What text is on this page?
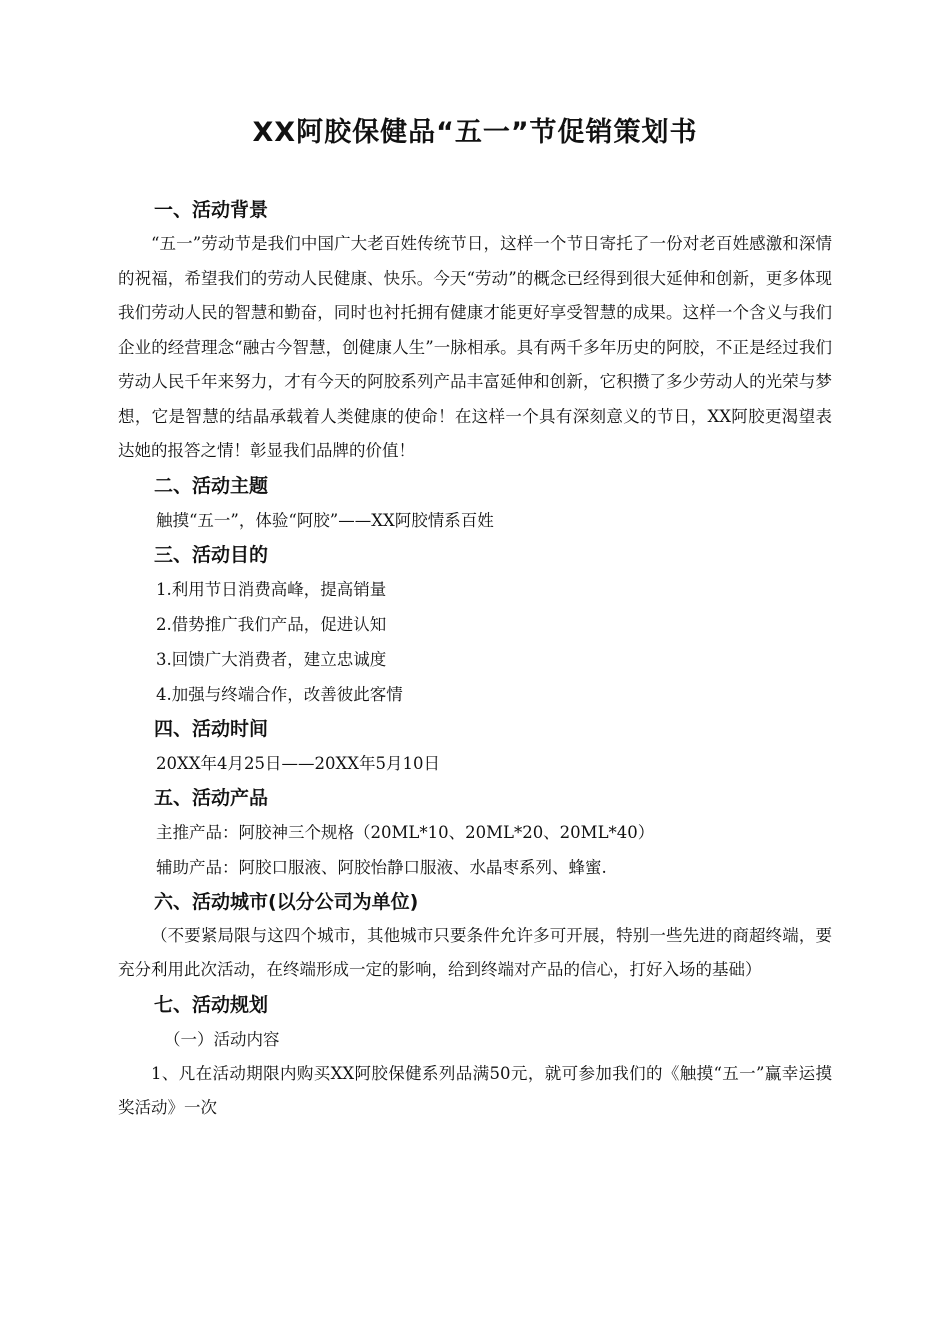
XX阿胶保健品“五一”节促销策划书
一、活动背景

“五一”劳动节是我们中国广大老百姓传统节日，这样一个节日寄托了一份对老百姓感激和深情的祝福，希望我们的劳动人民健康、快乐。今天“劳动”的概念已经得到很大延伸和创新，更多体现我们劳动人民的智慧和勤奋，同时也衬托拥有健康才能更好享受智慧的成果。这样一个含义与我们企业的经营理念“融古今智慧，创健康人生”一脉相承。具有两千多年历史的阿胶，不正是经过我们劳动人民千年来努力，才有今天的阿胶系列产品丰富延伸和创新，它积攒了多少劳动人的光荣与梦想，它是智慧的结晶承载着人类健康的使命！在这样一个具有深刻意义的节日，XX阿胶更渴望表达她的报答之情！彰显我们品牌的价值！

二、活动主题

触摸“五一”，体验“阿胶”——XX阿胶情系百姓

三、活动目的

1.利用节日消费高峰，提高销量

2.借势推广我们产品，促进认知

3.回馈广大消费者，建立忠诚度

4.加强与终端合作，改善彼此客情

四、活动时间

20XX年4月25日——20XX年5月10日

五、活动产品

主推产品：阿胶神三个规格（20ML*10、20ML*20、20ML*40）

辅助产品：阿胶口服液、阿胶怡静口服液、水晶枣系列、蜂蜜.

六、活动城市(以分公司为单位)

（不要紧局限与这四个城市，其他城市只要条件允许多可开展，特别一些先进的商超终端，要充分利用此次活动，在终端形成一定的影响，给到终端对产品的信心，打好入场的基础）

七、活动规划

（一）活动内容

1、凡在活动期限内购买XX阿胶保健系列品满50元，就可参加我们的《触摸“五一”赢幸运摸奖活动》一次
